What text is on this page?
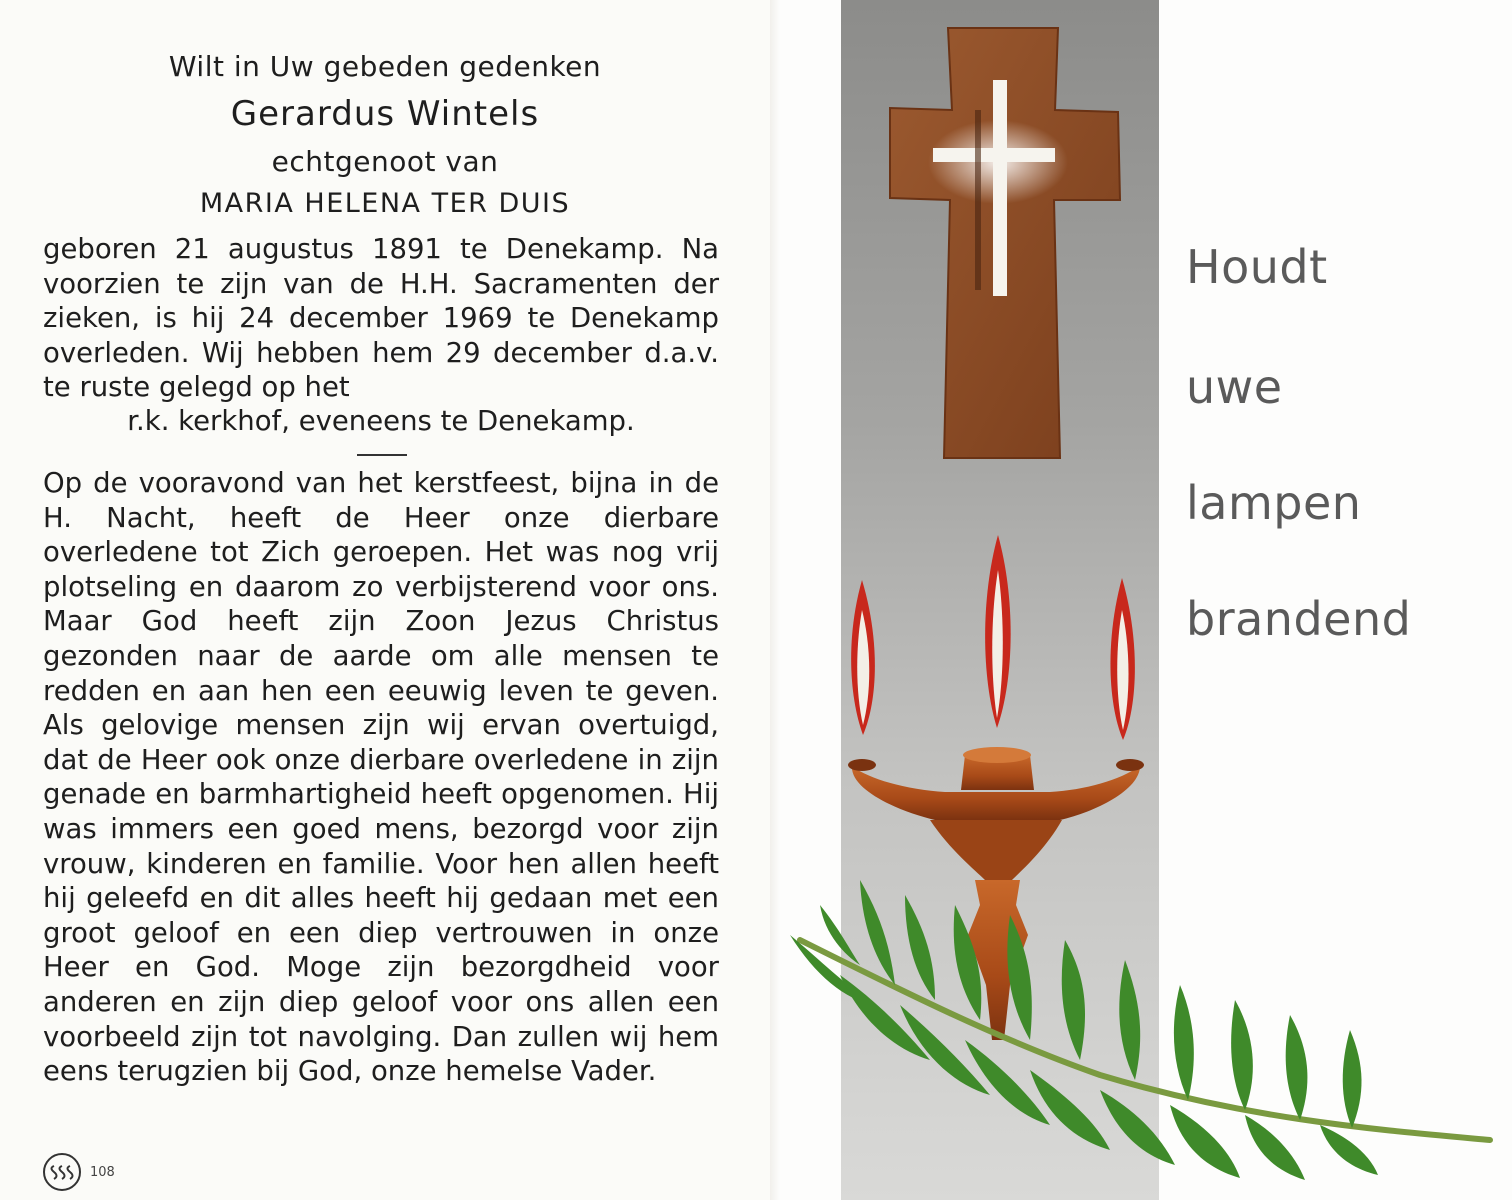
Wilt in Uw gebeden gedenken
Gerardus Wintels
echtgenoot van
MARIA HELENA TER DUIS

geboren 21 augustus 1891 te Denekamp. Na voorzien te zijn van de H.H. Sacramenten der zieken, is hij 24 december 1969 te Denekamp overleden. Wij hebben hem 29 december d.a.v. te ruste gelegd op het

r.k. kerkhof, eveneens te Denekamp.

Op de vooravond van het kerstfeest, bijna in de H. Nacht, heeft de Heer onze dierbare overledene tot Zich geroepen. Het was nog vrij plotseling en daarom zo verbijsterend voor ons. Maar God heeft zijn Zoon Jezus Christus gezonden naar de aarde om alle mensen te redden en aan hen een eeuwig leven te geven. Als gelovige mensen zijn wij ervan overtuigd, dat de Heer ook onze dierbare overledene in zijn genade en barmhartigheid heeft opgenomen. Hij was immers een goed mens, bezorgd voor zijn vrouw, kinderen en familie. Voor hen allen heeft hij geleefd en dit alles heeft hij gedaan met een groot geloof en een diep vertrouwen in onze Heer en God. Moge zijn bezorgdheid voor anderen en zijn diep geloof voor ons allen een voorbeeld zijn tot navolging. Dan zullen wij hem eens terugzien bij God, onze hemelse Vader.

108
Houdt
uwe
lampen
brandend
